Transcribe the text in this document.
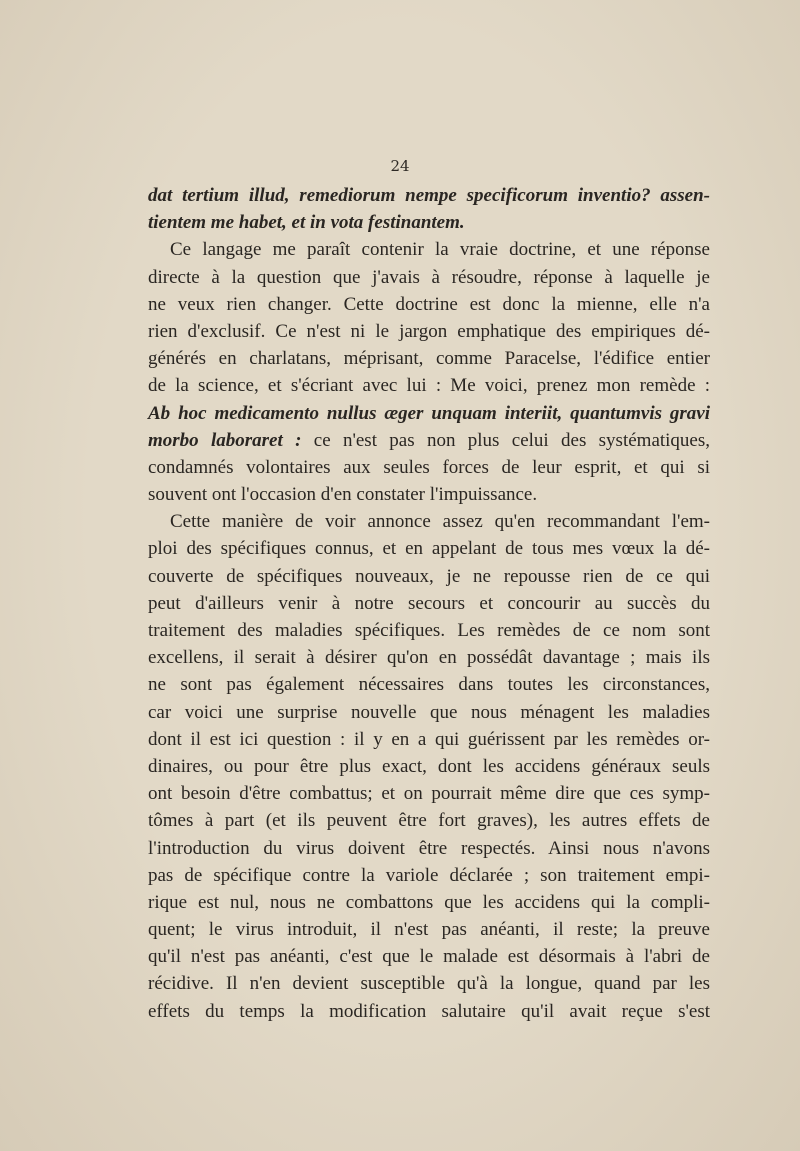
24
dat tertium illud, remediorum nempe specificorum inventio? assen-
tientem me habet, et in vota festinantem.
Ce langage me paraît contenir la vraie doctrine, et une réponse
directe à la question que j'avais à résoudre, réponse à laquelle je
ne veux rien changer. Cette doctrine est donc la mienne, elle n'a
rien d'exclusif. Ce n'est ni le jargon emphatique des empiriques dé-
générés en charlatans, méprisant, comme Paracelse, l'édifice entier
de la science, et s'écriant avec lui : Me voici, prenez mon remède :
Ab hoc medicamento nullus æger unquam interiit, quantumvis gravi
morbo laboraret : ce n'est pas non plus celui des systématiques,
condamnés volontaires aux seules forces de leur esprit, et qui si
souvent ont l'occasion d'en constater l'impuissance.
Cette manière de voir annonce assez qu'en recommandant l'em-
ploi des spécifiques connus, et en appelant de tous mes vœux la dé-
couverte de spécifiques nouveaux, je ne repousse rien de ce qui
peut d'ailleurs venir à notre secours et concourir au succès du
traitement des maladies spécifiques. Les remèdes de ce nom sont
excellens, il serait à désirer qu'on en possédât davantage ; mais ils
ne sont pas également nécessaires dans toutes les circonstances,
car voici une surprise nouvelle que nous ménagent les maladies
dont il est ici question : il y en a qui guérissent par les remèdes or-
dinaires, ou pour être plus exact, dont les accidens généraux seuls
ont besoin d'être combattus; et on pourrait même dire que ces symp-
tômes à part (et ils peuvent être fort graves), les autres effets de
l'introduction du virus doivent être respectés. Ainsi nous n'avons
pas de spécifique contre la variole déclarée ; son traitement empi-
rique est nul, nous ne combattons que les accidens qui la compli-
quent; le virus introduit, il n'est pas anéanti, il reste; la preuve
qu'il n'est pas anéanti, c'est que le malade est désormais à l'abri de
récidive. Il n'en devient susceptible qu'à la longue, quand par les
effets du temps la modification salutaire qu'il avait reçue s'est
